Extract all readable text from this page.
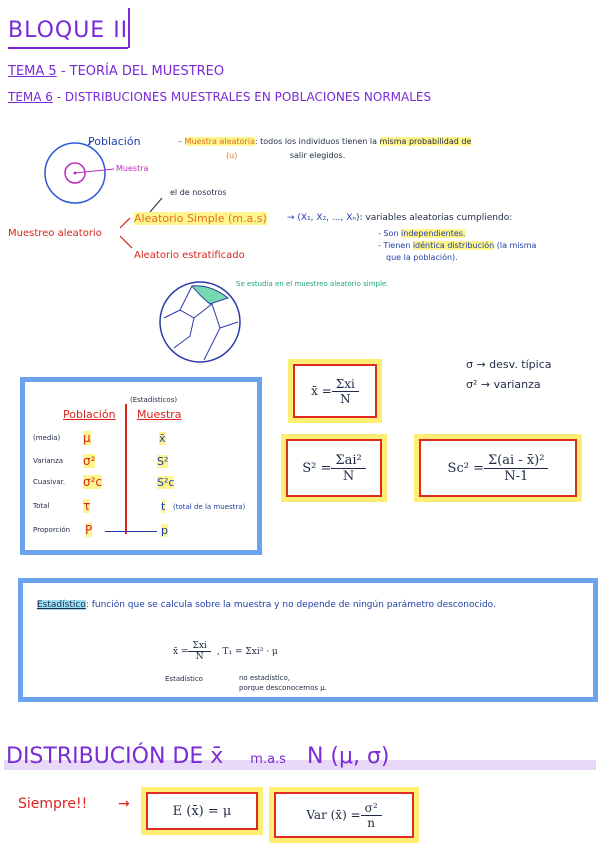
BLOQUE II
TEMA 5 - TEORÍA DEL MUESTREO
TEMA 6 - DISTRIBUCIONES MUESTRALES EN POBLACIONES NORMALES
Población
Muestra
– Muestra aleatoria: todos los individuos tienen la misma probabilidad de
(u)	salir elegidos.
el de nosotros
Muestreo aleatorio
Aleatorio Simple (m.a.s) → (X₁, X₂, ..., Xₙ): variables aleatorias cumpliendo:
- Son independientes.
- Tienen idéntica distribución (la misma
que la población).
Aleatorio estratificado
Se estudia en el muestreo aleatorio simple.
σ → desv. típica
σ² → varianza
(Estadísticos)
Población Muestra
(media) μ	x̄
Varianza σ²	S²
Cuasivar. σ²c	S²c
Total	τ	t (total de la muestra)
Proporción P	p
x̄ = $\frac{\text{Σxi}}{N}$
$S^2 = \frac{\text{Σai²}}{N}$	$Sc^2 = \frac{\text{Σ(ai - x̄)²}}{N-1}$
Estadístico: función que se calcula sobre la muestra y no depende de ningún parámetro desconocido.
x̄ = $\frac{\text{Σxi}}{N}$ , T₁ = Σxi² · μ
Estadístico	no estadístico,
porque desconocemos μ.
DISTRIBUCIÓN DE x̄ m.a.s N (μ, σ)
Siempre!! →	E (x̄) = μ	Var (x̄) = $\frac{\text{σ²}}{n}$
